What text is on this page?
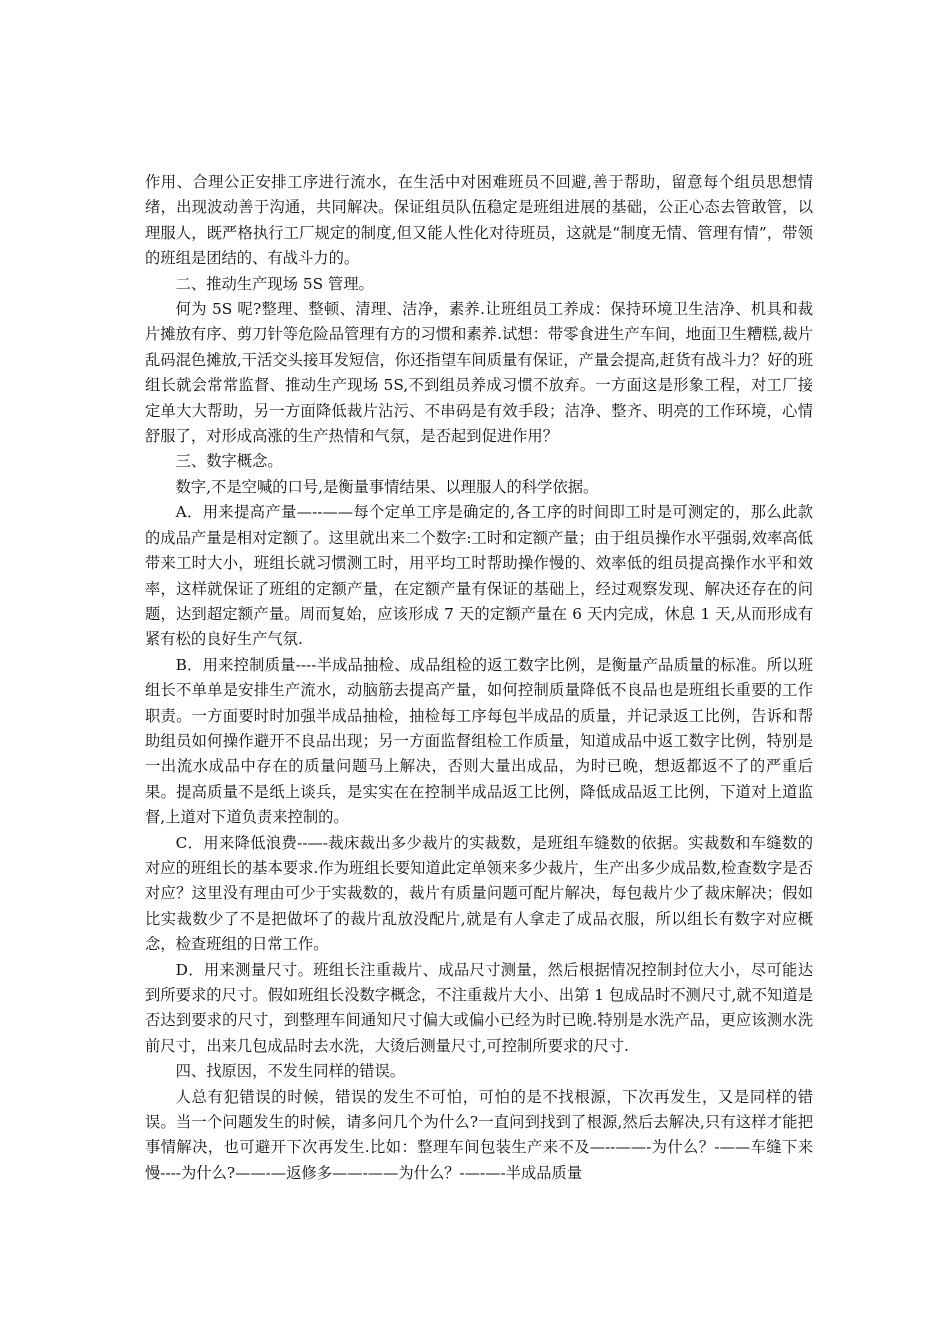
作用、合理公正安排工序进行流水，在生活中对困难班员不回避,善于帮助，留意每个组员思想情绪，出现波动善于沟通，共同解决。保证组员队伍稳定是班组进展的基础，公正心态去管敢管，以理服人，既严格执行工厂规定的制度,但又能人性化对待班员，这就是“制度无情、管理有情”，带领的班组是团结的、有战斗力的。

二、推动生产现场 5S 管理。

何为 5S 呢?整理、整顿、清理、洁净，素养.让班组员工养成：保持环境卫生洁净、机具和裁片摊放有序、剪刀针等危险品管理有方的习惯和素养.试想：带零食进生产车间，地面卫生糟糕,裁片乱码混色摊放,干活交头接耳发短信，你还指望车间质量有保证，产量会提高,赶货有战斗力？好的班组长就会常常监督、推动生产现场 5S,不到组员养成习惯不放弃。一方面这是形象工程，对工厂接定单大大帮助，另一方面降低裁片沾污、不串码是有效手段；洁净、整齐、明亮的工作环境，心情舒服了，对形成高涨的生产热情和气氛，是否起到促进作用？

三、数字概念。

数字,不是空喊的口号,是衡量事情结果、以理服人的科学依据。

A．用来提高产量—--——每个定单工序是确定的,各工序的时间即工时是可测定的，那么此款的成品产量是相对定额了。这里就出来二个数字:工时和定额产量；由于组员操作水平强弱,效率高低带来工时大小，班组长就习惯测工时，用平均工时帮助操作慢的、效率低的组员提高操作水平和效率，这样就保证了班组的定额产量，在定额产量有保证的基础上，经过观察发现、解决还存在的问题，达到超定额产量。周而复始，应该形成 7 天的定额产量在 6 天内完成，休息 1 天,从而形成有紧有松的良好生产气氛.

B．用来控制质量----半成品抽检、成品组检的返工数字比例，是衡量产品质量的标准。所以班组长不单单是安排生产流水，动脑筋去提高产量，如何控制质量降低不良品也是班组长重要的工作职责。一方面要时时加强半成品抽检，抽检每工序每包半成品的质量，并记录返工比例，告诉和帮助组员如何操作避开不良品出现；另一方面监督组检工作质量，知道成品中返工数字比例，特别是一出流水成品中存在的质量问题马上解决，否则大量出成品，为时已晚，想返都返不了的严重后果。提高质量不是纸上谈兵，是实实在在控制半成品返工比例，降低成品返工比例，下道对上道监督,上道对下道负责来控制的。

C．用来降低浪费--—-裁床裁出多少裁片的实裁数，是班组车缝数的依据。实裁数和车缝数的对应的班组长的基本要求.作为班组长要知道此定单领来多少裁片，生产出多少成品数,检查数字是否对应？这里没有理由可少于实裁数的，裁片有质量问题可配片解决，每包裁片少了裁床解决；假如比实裁数少了不是把做坏了的裁片乱放没配片,就是有人拿走了成品衣服，所以组长有数字对应概念，检查班组的日常工作。

D．用来测量尺寸。班组长注重裁片、成品尺寸测量，然后根据情况控制封位大小，尽可能达到所要求的尺寸。假如班组长没数字概念，不注重裁片大小、出第 1 包成品时不测尺寸,就不知道是否达到要求的尺寸，到整理车间通知尺寸偏大或偏小已经为时已晚.特别是水洗产品，更应该测水洗前尺寸，出来几包成品时去水洗，大烫后测量尺寸,可控制所要求的尺寸.

四、找原因，不发生同样的错误。

人总有犯错误的时候，错误的发生不可怕，可怕的是不找根源，下次再发生，又是同样的错误。当一个问题发生的时候，请多问几个为什么?一直问到找到了根源,然后去解决,只有这样才能把事情解决，也可避开下次再发生.比如：整理车间包装生产来不及—--——-为什么？-——车缝下来慢----为什么?——-—返修多——-——为什么？-—-—-半成品质量
